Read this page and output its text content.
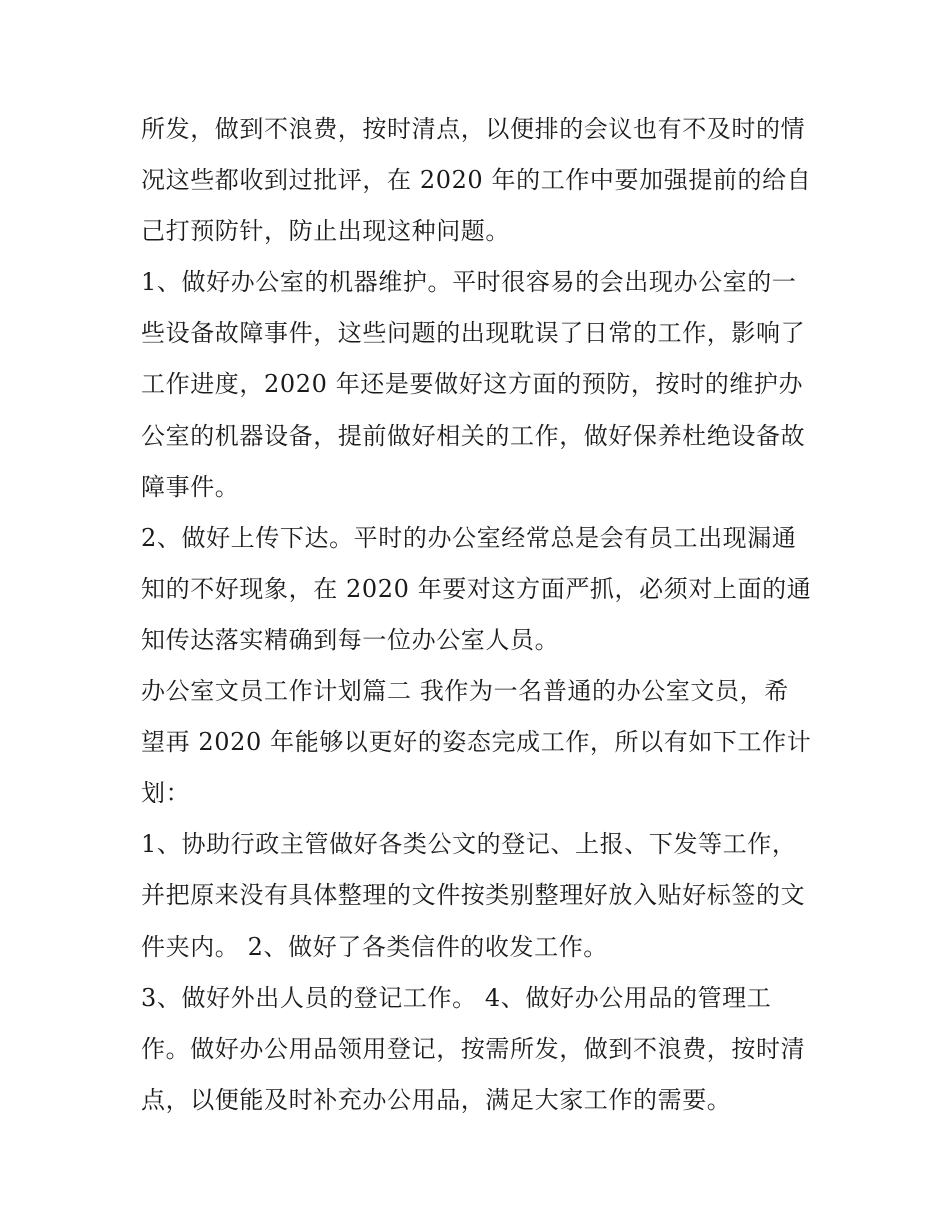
所发，做到不浪费，按时清点，以便排的会议也有不及时的情
况这些都收到过批评，在 2020 年的工作中要加强提前的给自
己打预防针，防止出现这种问题。
1、做好办公室的机器维护。平时很容易的会出现办公室的一
些设备故障事件，这些问题的出现耽误了日常的工作，影响了
工作进度，2020 年还是要做好这方面的预防，按时的维护办
公室的机器设备，提前做好相关的工作，做好保养杜绝设备故
障事件。
2、做好上传下达。平时的办公室经常总是会有员工出现漏通
知的不好现象，在 2020 年要对这方面严抓，必须对上面的通
知传达落实精确到每一位办公室人员。
办公室文员工作计划篇二 我作为一名普通的办公室文员，希
望再 2020 年能够以更好的姿态完成工作，所以有如下工作计
划：
1、协助行政主管做好各类公文的登记、上报、下发等工作，
并把原来没有具体整理的文件按类别整理好放入贴好标签的文
件夹内。 2、做好了各类信件的收发工作。
3、做好外出人员的登记工作。 4、做好办公用品的管理工
作。做好办公用品领用登记，按需所发，做到不浪费，按时清
点，以便能及时补充办公用品，满足大家工作的需要。
